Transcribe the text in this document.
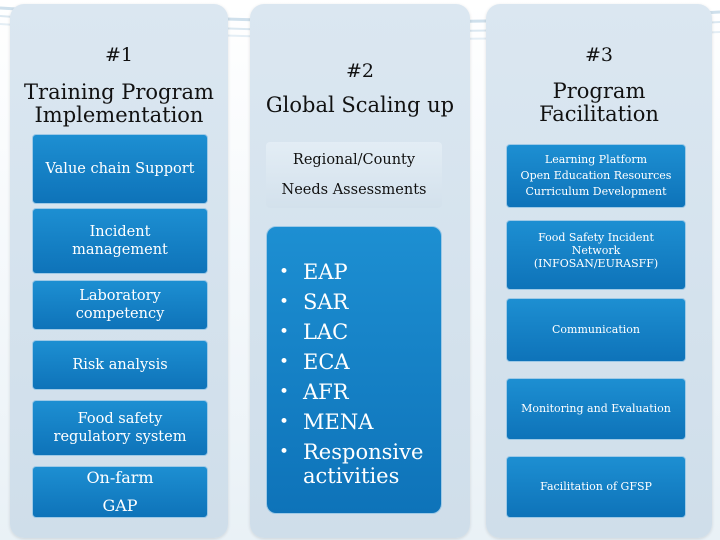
#1
Training Program
Implementation
Value chain Support
Incident
management
Laboratory
competency
Risk analysis
Food safety
regulatory system
On-farm
GAP
#2
Global Scaling up
Regional/County
Needs Assessments
• EAP
• SAR
• LAC
• ECA
• AFR
• MENA
• Responsive activities
#3
Program
Facilitation
Learning Platform
Open Education Resources
Curriculum Development
Food Safety Incident
Network
(INFOSAN/EURASFF)
Communication
Monitoring and Evaluation
Facilitation of GFSP
